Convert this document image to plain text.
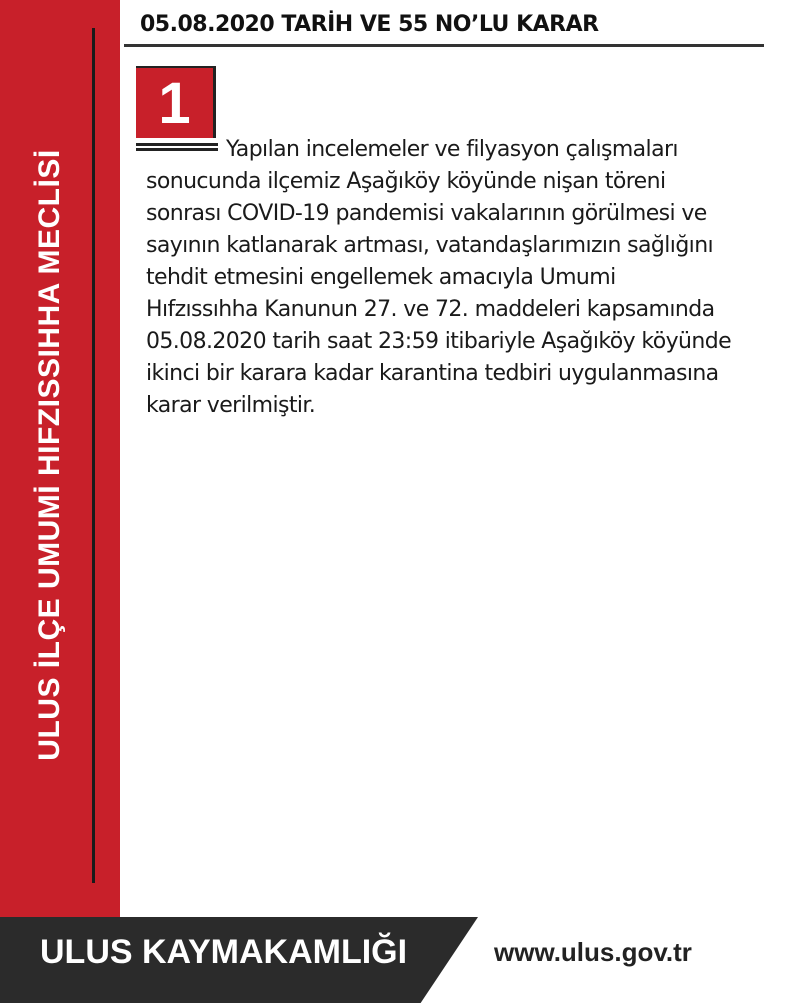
ULUS İLÇE UMUMİ HIFZISSIHHA MECLİSİ
05.08.2020 TARİH VE 55 NO’LU KARAR
1

Yapılan incelemeler ve filyasyon çalışmaları
sonucunda ilçemiz Aşağıköy köyünde nişan töreni
sonrası COVID-19 pandemisi vakalarının görülmesi ve
sayının katlanarak artması, vatandaşlarımızın sağlığını
tehdit etmesini engellemek amacıyla Umumi
Hıfzıssıhha Kanunun 27. ve 72. maddeleri kapsamında
05.08.2020 tarih saat 23:59 itibariyle Aşağıköy köyünde
ikinci bir karara kadar karantina tedbiri uygulanmasına
karar verilmiştir.

ULUS KAYMAKAMLIĞI	www.ulus.gov.tr
